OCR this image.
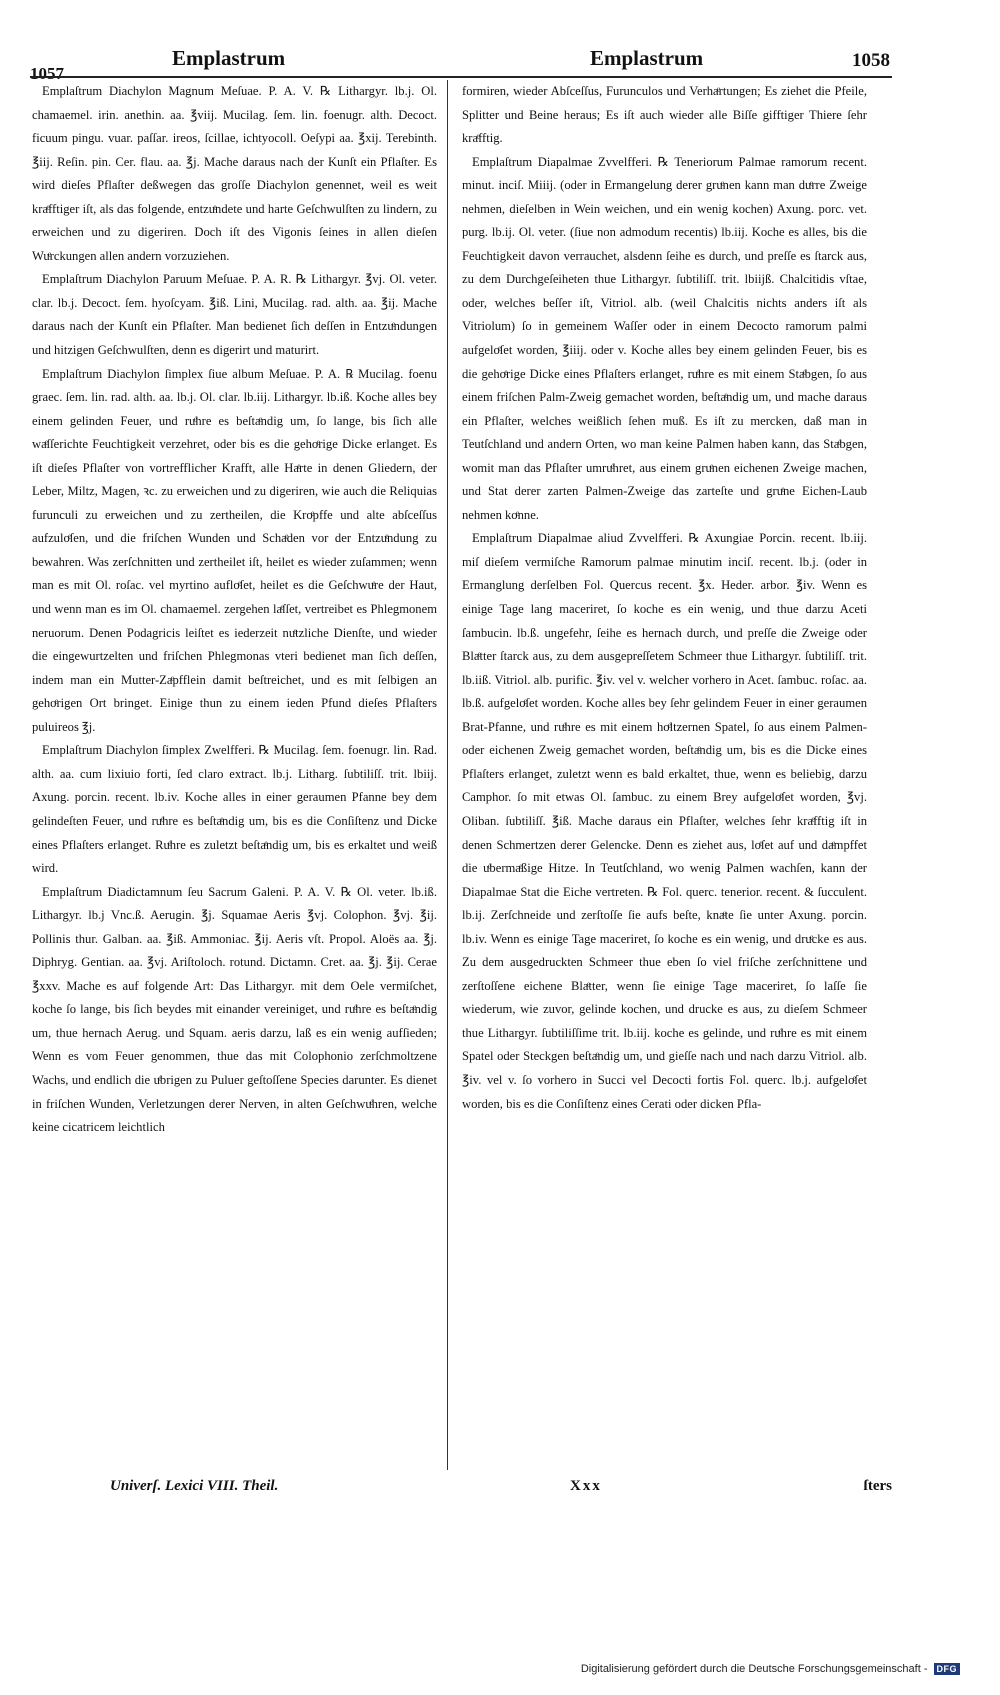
1057
Emplastrum	Emplastrum	1058

Emplaſtrum Diachylon Magnum Meſuae. P. A. V. ℞ Lithargyr. lb.j. Ol. chamaemel. irin. anethin. aa. ℥viij. Mucilag. ſem. lin. foenugr. alth. Decoct. ficuum pingu. vuar. paſſar. ireos, ſcillae, ichtyocoll. Oeſypi aa. ℥xij. Terebinth. ℥iij. Reſin. pin. Cer. flau. aa. ℥j. Mache daraus nach der Kunſt ein Pflaſter. Es wird dieſes Pflaſter deßwegen das groſſe Diachylon genennet, weil es weit kraͤfftiger iſt, als das folgende, entzuͤndete und harte Geſchwulſten zu lindern, zu erweichen und zu digeriren. Doch iſt des Vigonis ſeines in allen dieſen Wuͤrckungen allen andern vorzuziehen.

Emplaſtrum Diachylon Paruum Meſuae. P. A. R. ℞ Lithargyr. ℥vj. Ol. veter. clar. lb.j. Decoct. ſem. hyoſcyam. ℥iß. Lini, Mucilag. rad. alth. aa. ℥ij. Mache daraus nach der Kunſt ein Pflaſter. Man bedienet ſich deſſen in Entzuͤndungen und hitzigen Geſchwulſten, denn es digerirt und maturirt.

Emplaſtrum Diachylon ſimplex ſiue album Meſuae. P. A. ℞ Mucilag. foenu graec. ſem. lin. rad. alth. aa. lb.j. Ol. clar. lb.iij. Lithargyr. lb.iß. Koche alles bey einem gelinden Feuer, und ruͤhre es beſtaͤndig um, ſo lange, bis ſich alle waͤſſerichte Feuchtigkeit verzehret, oder bis es die gehoͤrige Dicke erlanget. Es iſt dieſes Pflaſter von vortrefflicher Krafft, alle Haͤrte in denen Gliedern, der Leber, Miltz, Magen, ꝛc. zu erweichen und zu digeriren, wie auch die Reliquias furunculi zu erweichen und zu zertheilen, die Kroͤpffe und alte abſceſſus aufzuloͤſen, und die friſchen Wunden und Schaͤden vor der Entzuͤndung zu bewahren. Was zerſchnitten und zertheilet iſt, heilet es wieder zuſammen; wenn man es mit Ol. roſac. vel myrtino aufloͤſet, heilet es die Geſchwuͤre der Haut, und wenn man es im Ol. chamaemel. zergehen laͤſſet, vertreibet es Phlegmonem neruorum. Denen Podagricis leiſtet es iederzeit nuͤtzliche Dienſte, und wieder die eingewurtzelten und friſchen Phlegmonas vteri bedienet man ſich deſſen, indem man ein Mutter-Zaͤpfflein damit beſtreichet, und es mit ſelbigen an gehoͤrigen Ort bringet. Einige thun zu einem ieden Pfund dieſes Pflaſters puluireos ℥j.

Emplaſtrum Diachylon ſimplex Zwelfferi. ℞ Mucilag. ſem. foenugr. lin. Rad. alth. aa. cum lixiuio forti, ſed claro extract. lb.j. Litharg. ſubtiliſſ. trit. lbiij. Axung. porcin. recent. lb.iv. Koche alles in einer geraumen Pfanne bey dem gelindeſten Feuer, und ruͤhre es beſtaͤndig um, bis es die Conſiſtenz und Dicke eines Pflaſters erlanget. Ruͤhre es zuletzt beſtaͤndig um, bis es erkaltet und weiß wird.

Emplaſtrum Diadictamnum ſeu Sacrum Galeni. P. A. V. ℞ Ol. veter. lb.iß. Lithargyr. lb.j Vnc.ß. Aerugin. ℥j. Squamae Aeris ℥vj. Colophon. ℥vj. ℥ij. Pollinis thur. Galban. aa. ℥iß. Ammoniac. ℥ij. Aeris vſt. Propol. Aloës aa. ℥j. Diphryg. Gentian. aa. ℥vj. Ariſtoloch. rotund. Dictamn. Cret. aa. ℥j. ℥ij. Cerae ℥xxv. Mache es auf folgende Art: Das Lithargyr. mit dem Oele vermiſchet, koche ſo lange, bis ſich beydes mit einander vereiniget, und ruͤhre es beſtaͤndig um, thue hernach Aerug. und Squam. aeris darzu, laß es ein wenig aufſieden; Wenn es vom Feuer genommen, thue das mit Colophonio zerſchmoltzene Wachs, und endlich die uͤbrigen zu Puluer geſtoſſene Species darunter. Es dienet in friſchen Wunden, Verletzungen derer Nerven, in alten Geſchwuͤhren, welche keine cicatricem leichtlich

formiren, wieder Abſceſſus, Furunculos und Verhaͤrtungen; Es ziehet die Pfeile, Splitter und Beine heraus; Es iſt auch wieder alle Biſſe gifftiger Thiere ſehr kraͤfftig.

Emplaſtrum Diapalmae Zvvelfferi. ℞ Teneriorum Palmae ramorum recent. minut. inciſ. Miiij. (oder in Ermangelung derer gruͤnen kann man duͤrre Zweige nehmen, dieſelben in Wein weichen, und ein wenig kochen) Axung. porc. vet. purg. lb.ij. Ol. veter. (ſiue non admodum recentis) lb.iij. Koche es alles, bis die Feuchtigkeit davon verrauchet, alsdenn ſeihe es durch, und preſſe es ſtarck aus, zu dem Durchgeſeiheten thue Lithargyr. ſubtiliſſ. trit. lbiijß. Chalcitidis vſtae, oder, welches beſſer iſt, Vitriol. alb. (weil Chalcitis nichts anders iſt als Vitriolum) ſo in gemeinem Waſſer oder in einem Decocto ramorum palmi aufgeloͤſet worden, ℥iiij. oder v. Koche alles bey einem gelinden Feuer, bis es die gehoͤrige Dicke eines Pflaſters erlanget, ruͤhre es mit einem Staͤbgen, ſo aus einem friſchen Palm-Zweig gemachet worden, beſtaͤndig um, und mache daraus ein Pflaſter, welches weißlich ſehen muß. Es iſt zu mercken, daß man in Teutſchland und andern Orten, wo man keine Palmen haben kann, das Staͤbgen, womit man das Pflaſter umruͤhret, aus einem gruͤnen eichenen Zweige machen, und Stat derer zarten Palmen-Zweige das zarteſte und gruͤne Eichen-Laub nehmen koͤnne.

Emplaſtrum Diapalmae aliud Zvvelfferi. ℞ Axungiae Porcin. recent. lb.iij. miſ dieſem vermiſche Ramorum palmae minutim inciſ. recent. lb.j. (oder in Ermanglung derſelben Fol. Quercus recent. ℥x. Heder. arbor. ℥iv. Wenn es einige Tage lang maceriret, ſo koche es ein wenig, und thue darzu Aceti ſambucin. lb.ß. ungefehr, ſeihe es hernach durch, und preſſe die Zweige oder Blaͤtter ſtarck aus, zu dem ausgepreſſetem Schmeer thue Lithargyr. ſubtiliſſ. trit. lb.iiß. Vitriol. alb. purific. ℥iv. vel v. welcher vorhero in Acet. ſambuc. roſac. aa. lb.ß. aufgeloͤſet worden. Koche alles bey ſehr gelindem Feuer in einer geraumen Brat-Pfanne, und ruͤhre es mit einem hoͤltzernen Spatel, ſo aus einem Palmen- oder eichenen Zweig gemachet worden, beſtaͤndig um, bis es die Dicke eines Pflaſters erlanget, zuletzt wenn es bald erkaltet, thue, wenn es beliebig, darzu Camphor. ſo mit etwas Ol. ſambuc. zu einem Brey aufgeloͤſet worden, ℥vj. Oliban. ſubtiliſſ. ℥iß. Mache daraus ein Pflaſter, welches ſehr kraͤfftig iſt in denen Schmertzen derer Gelencke. Denn es ziehet aus, loͤſet auf und daͤmpffet die uͤbermaͤßige Hitze. In Teutſchland, wo wenig Palmen wachſen, kann der Diapalmae Stat die Eiche vertreten. ℞ Fol. querc. tenerior. recent. & ſucculent. lb.ij. Zerſchneide und zerſtoſſe ſie aufs beſte, knaͤte ſie unter Axung. porcin. lb.iv. Wenn es einige Tage maceriret, ſo koche es ein wenig, und druͤcke es aus. Zu dem ausgedruckten Schmeer thue eben ſo viel friſche zerſchnittene und zerſtoſſene eichene Blaͤtter, wenn ſie einige Tage maceriret, ſo laſſe ſie wiederum, wie zuvor, gelinde kochen, und drucke es aus, zu dieſem Schmeer thue Lithargyr. ſubtiliſſime trit. lb.iij. koche es gelinde, und ruͤhre es mit einem Spatel oder Steckgen beſtaͤndig um, und gieſſe nach und nach darzu Vitriol. alb. ℥iv. vel v. ſo vorhero in Succi vel Decocti fortis Fol. querc. lb.j. aufgeloͤſet worden, bis es die Conſiſtenz eines Cerati oder dicken Pfla-

Univerſ. Lexici VIII. Theil.	Xxx	ſters
Digitalisierung gefördert durch die Deutsche Forschungsgemeinschaft -	DFG
